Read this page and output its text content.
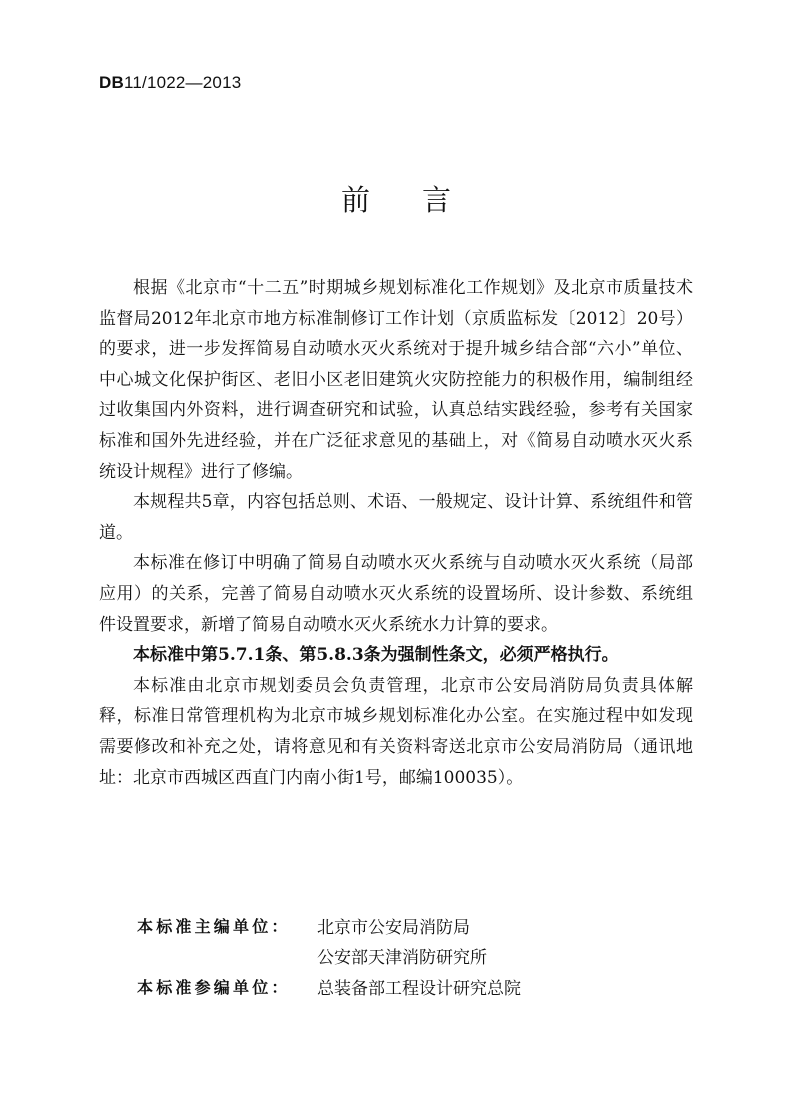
DB11/1022—2013
前言

根据《北京市“十二五”时期城乡规划标准化工作规划》及北京市质量技术监督局2012年北京市地方标准制修订工作计划（京质监标发〔2012〕20号）的要求，进一步发挥简易自动喷水灭火系统对于提升城乡结合部“六小”单位、中心城文化保护街区、老旧小区老旧建筑火灾防控能力的积极作用，编制组经过收集国内外资料，进行调查研究和试验，认真总结实践经验，参考有关国家标准和国外先进经验，并在广泛征求意见的基础上，对《简易自动喷水灭火系统设计规程》进行了修编。

本规程共5章，内容包括总则、术语、一般规定、设计计算、系统组件和管道。

本标准在修订中明确了简易自动喷水灭火系统与自动喷水灭火系统（局部应用）的关系，完善了简易自动喷水灭火系统的设置场所、设计参数、系统组件设置要求，新增了简易自动喷水灭火系统水力计算的要求。

本标准中第5.7.1条、第5.8.3条为强制性条文，必须严格执行。

本标准由北京市规划委员会负责管理，北京市公安局消防局负责具体解释，标准日常管理机构为北京市城乡规划标准化办公室。在实施过程中如发现需要修改和补充之处，请将意见和有关资料寄送北京市公安局消防局（通讯地址：北京市西城区西直门内南小街1号，邮编100035）。

本标准主编单位：	北京市公安局消防局
公安部天津消防研究所
本标准参编单位：	总装备部工程设计研究总院
